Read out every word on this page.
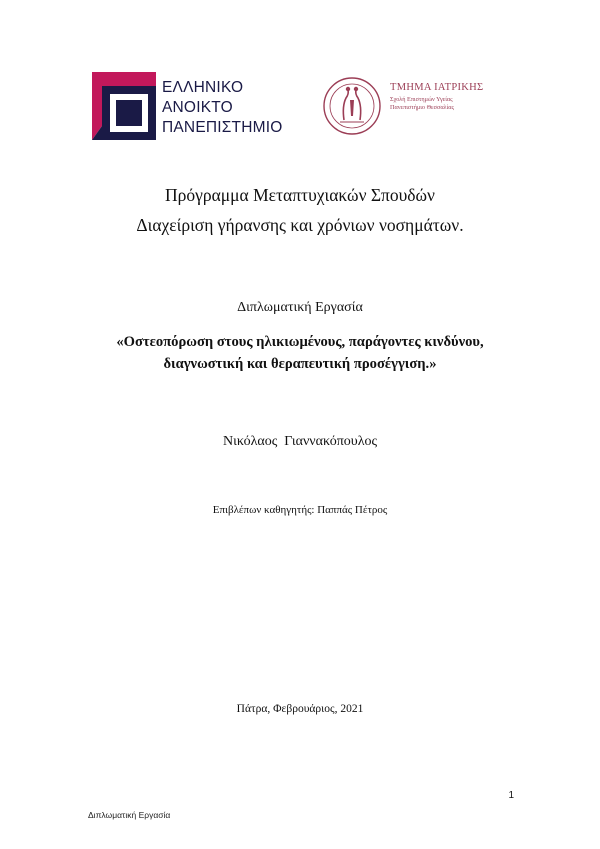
ΕΛΛΗΝΙΚΟ
ΑΝΟΙΚΤΟ
ΠΑΝΕΠΙΣΤΗΜΙΟ
ΤΜΗΜΑ ΙΑΤΡΙΚΗΣ
Σχολή Επιστημών Υγείας
Πανεπιστήμιο Θεσσαλίας
Πρόγραμμα Μεταπτυχιακών Σπουδών
Διαχείριση γήρανσης και χρόνιων νοσημάτων.
Διπλωματική Εργασία
«Οστεοπόρωση στους ηλικιωμένους, παράγοντες κινδύνου,
διαγνωστική και θεραπευτική προσέγγιση.»
Νικόλαος  Γιαννακόπουλος
Επιβλέπων καθηγητής: Παππάς Πέτρος
Πάτρα, Φεβρουάριος, 2021
1
Διπλωματική Εργασία
